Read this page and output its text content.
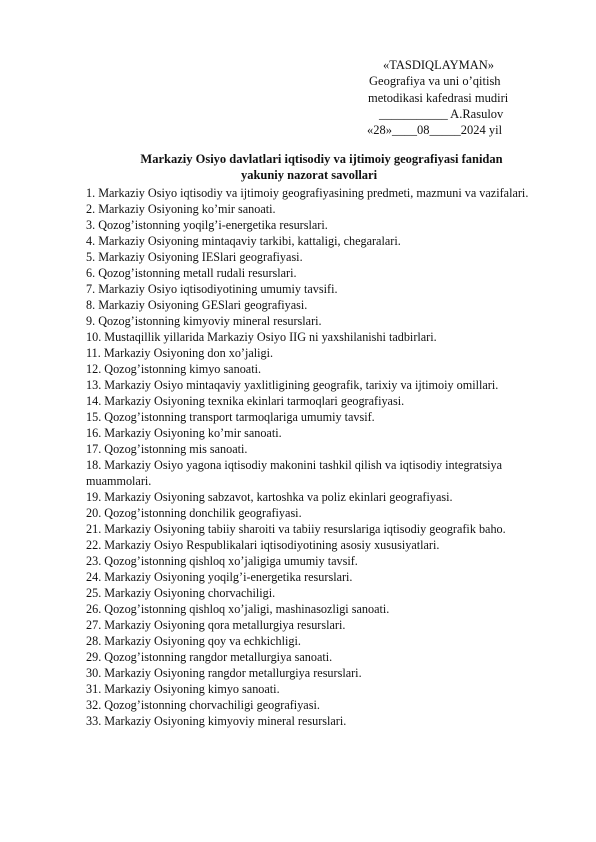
«TASDIQLAYMAN»
Geografiya va uni o’qitish
metodikasi kafedrasi mudiri
___________ A.Rasulov
«28»____08_____2024 yil
Markaziy Osiyo davlatlari iqtisodiy va ijtimoiy geografiyasi fanidan
yakuniy nazorat savollari
1. Markaziy Osiyo iqtisodiy va ijtimoiy geografiyasining predmeti, mazmuni va vazifalari.
2. Markaziy Osiyoning ko’mir sanoati.
3. Qozog’istonning yoqilg’i-energetika resurslari.
4. Markaziy Osiyoning mintaqaviy tarkibi, kattaligi, chegaralari.
5. Markaziy Osiyoning IESlari geografiyasi.
6. Qozog’istonning metall rudali resurslari.
7. Markaziy Osiyo iqtisodiyotining umumiy tavsifi.
8. Markaziy Osiyoning GESlari geografiyasi.
9. Qozog’istonning kimyoviy mineral resurslari.
10. Mustaqillik yillarida Markaziy Osiyo IIG ni yaxshilanishi tadbirlari.
11. Markaziy Osiyoning don xo’jaligi.
12. Qozog’istonning kimyo sanoati.
13. Markaziy Osiyo mintaqaviy yaxlitligining geografik, tarixiy va ijtimoiy omillari.
14. Markaziy Osiyoning texnika ekinlari tarmoqlari geografiyasi.
15. Qozog’istonning transport tarmoqlariga umumiy tavsif.
16. Markaziy Osiyoning ko’mir sanoati.
17. Qozog’istonning mis sanoati.
18. Markaziy Osiyo yagona iqtisodiy makonini tashkil qilish va iqtisodiy integratsiya muammolari.
19. Markaziy Osiyoning sabzavot, kartoshka va poliz ekinlari geografiyasi.
20. Qozog’istonning donchilik geografiyasi.
21. Markaziy Osiyoning tabiiy sharoiti va tabiiy resurslariga iqtisodiy geografik baho.
22. Markaziy Osiyo Respublikalari iqtisodiyotining asosiy xususiyatlari.
23. Qozog’istonning qishloq xo’jaligiga umumiy tavsif.
24. Markaziy Osiyoning yoqilg’i-energetika resurslari.
25. Markaziy Osiyoning chorvachiligi.
26. Qozog’istonning qishloq xo’jaligi, mashinasozligi sanoati.
27. Markaziy Osiyoning qora metallurgiya resurslari.
28. Markaziy Osiyoning qoy va echkichligi.
29. Qozog’istonning rangdor metallurgiya sanoati.
30. Markaziy Osiyoning rangdor metallurgiya resurslari.
31. Markaziy Osiyoning kimyo sanoati.
32. Qozog’istonning chorvachiligi geografiyasi.
33. Markaziy Osiyoning kimyoviy mineral resurslari.
